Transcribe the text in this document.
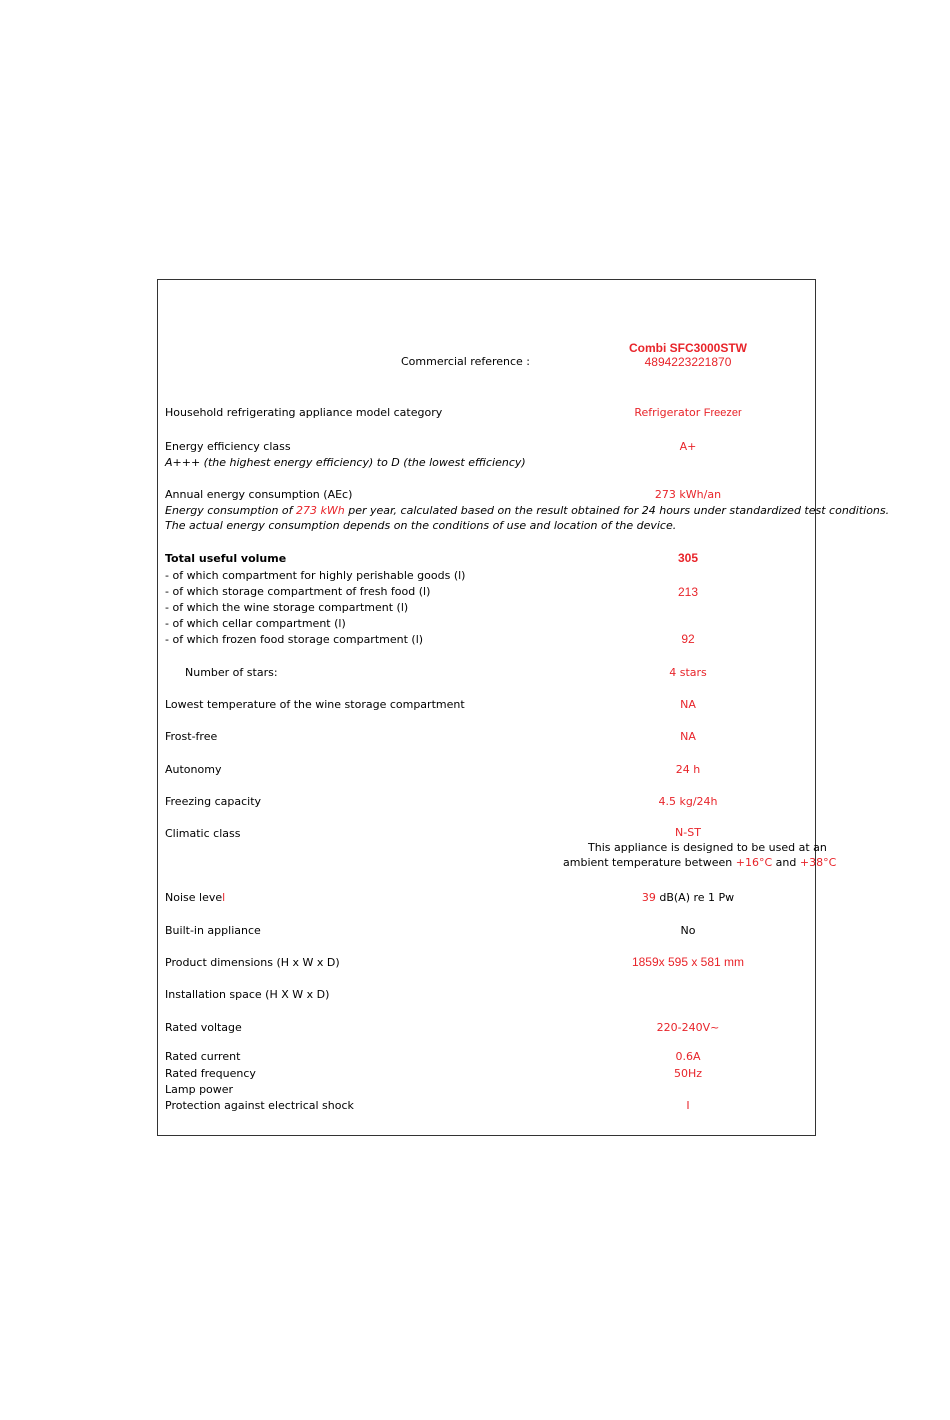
Combi SFC3000STW
Commercial reference :	4894223221870
Household refrigerating appliance model category	Refrigerator Freezer
Energy efficiency class	A+
A+++ (the highest energy efficiency) to D (the lowest efficiency)
Annual energy consumption (AEc)	273 kWh/an
Energy consumption of 273 kWh per year, calculated based on the result obtained for 24 hours under standardized test conditions.
The actual energy consumption depends on the conditions of use and location of the device.
Total useful volume	305
- of which compartment for highly perishable goods (l)
- of which storage compartment of fresh food (l)	213
- of which the wine storage compartment (l)
- of which cellar compartment (l)
- of which frozen food storage compartment (l)	92
Number of stars:	4 stars
Lowest temperature of the wine storage compartment	NA
Frost-free	NA
Autonomy	24 h
Freezing capacity	4.5 kg/24h
Climatic class	N-ST
This appliance is designed to be used at an
ambient temperature between +16°C and +38°C
Noise level	39 dB(A) re 1 Pw
Built-in appliance	No
Product dimensions (H x W x D)	1859x 595 x 581 mm
Installation space (H X W x D)
Rated voltage	220-240V~
Rated current	0.6A
Rated frequency	50Hz
Lamp power
Protection against electrical shock	I
